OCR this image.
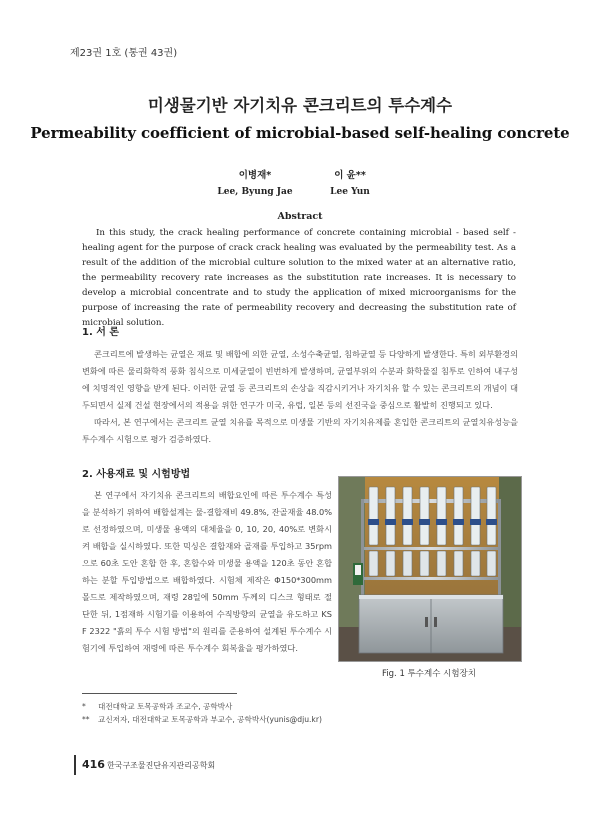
제23권 1호 (통권 43권)
미생물기반 자기치유 콘크리트의 투수계수
Permeability coefficient of microbial-based self-healing concrete
이병재*
Lee, Byung Jae
이 윤**
Lee Yun
Abstract

In this study, the crack healing performance of concrete containing microbial - based self - healing agent for the purpose of crack crack healing was evaluated by the permeability test. As a result of the addition of the microbial culture solution to the mixed water at an alternative ratio, the permeability recovery rate increases as the substitution rate increases. It is necessary to develop a microbial concentrate and to study the application of mixed microorganisms for the purpose of increasing the rate of permeability recovery and decreasing the substitution rate of microbial solution.

1. 서 론

콘크리트에 발생하는 균열은 재료 및 배합에 의한 균열, 소성수축균열, 침하균열 등 다양하게 발생한다. 특히 외부환경의 변화에 따른 물리화학적 풍화 침식으로 미세균열이 빈번하게 발생하며, 균열부위의 수분과 화학물질 침투로 인하여 내구성에 치명적인 영향을 받게 된다. 이러한 균열 등 콘크리트의 손상을 직감시키거나 자기치유 할 수 있는 콘크리트의 개념이 대두되면서 실제 건설 현장에서의 적용을 위한 연구가 미국, 유럽, 일본 등의 선진국을 중심으로 활발히 진행되고 있다.

따라서, 본 연구에서는 콘크리트 균열 치유를 목적으로 미생물 기반의 자기치유제를 혼입한 콘크리트의 균열치유성능을 투수계수 시험으로 평가 검증하였다.

2. 사용재료 및 시험방법

본 연구에서 자기치유 콘크리트의 배합요인에 따른 투수계수 특성을 분석하기 위하여 배합설계는 물-결합재비 49.8%, 잔골재율 48.0%로 선정하였으며, 미생물 용액의 대체율을 0, 10, 20, 40%로 변화시켜 배합을 실시하였다. 또한 믹싱은 결합재와 골재를 투입하고 35rpm으로 60초 도안 혼합 한 후, 혼합수와 미생물 용액을 120초 동안 혼합하는 분할 투입방법으로 배합하였다. 시험체 제작은 Φ150*300mm 몰드로 제작하였으며, 재령 28일에 50mm 두께의 디스크 형태로 절단한 뒤, 1점재하 시험기를 이용하여 수직방향의 균열을 유도하고 KS F 2322 "흙의 투수 시험 방법"의 원리를 준용하여 설계된 투수계수 시험기에 투입하여 재령에 따른 투수계수 회복율을 평가하였다.

Fig. 1 투수계수 시험장치
* 대전대학교 토목공학과 조교수, 공학박사
** 교신저자, 대전대학교 토목공학과 부교수, 공학박사(yunis@dju.kr)
416 한국구조물진단유지관리공학회
